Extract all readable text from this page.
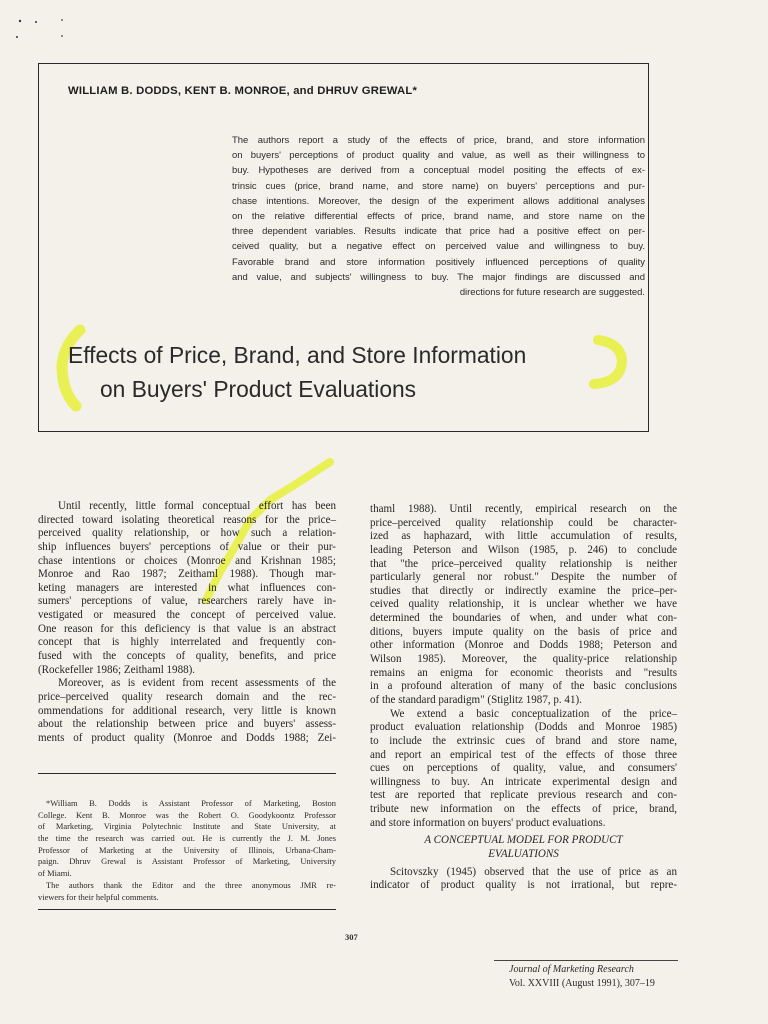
WILLIAM B. DODDS, KENT B. MONROE, and DHRUV GREWAL*
The authors report a study of the effects of price, brand, and store information
on buyers' perceptions of product quality and value, as well as their willingness to
buy. Hypotheses are derived from a conceptual model positing the effects of ex-
trinsic cues (price, brand name, and store name) on buyers' perceptions and pur-
chase intentions. Moreover, the design of the experiment allows additional analyses
on the relative differential effects of price, brand name, and store name on the
three dependent variables. Results indicate that price had a positive effect on per-
ceived quality, but a negative effect on perceived value and willingness to buy.
Favorable brand and store information positively influenced perceptions of quality
and value, and subjects' willingness to buy. The major findings are discussed and
directions for future research are suggested.
Effects of Price, Brand, and Store Information
on Buyers' Product Evaluations
Until recently, little formal conceptual effort has been
directed toward isolating theoretical reasons for the price–
perceived quality relationship, or how such a relation-
ship influences buyers' perceptions of value or their pur-
chase intentions or choices (Monroe and Krishnan 1985;
Monroe and Rao 1987; Zeithaml 1988). Though mar-
keting managers are interested in what influences con-
sumers' perceptions of value, researchers rarely have in-
vestigated or measured the concept of perceived value.
One reason for this deficiency is that value is an abstract
concept that is highly interrelated and frequently con-
fused with the concepts of quality, benefits, and price
(Rockefeller 1986; Zeithaml 1988).
Moreover, as is evident from recent assessments of the
price–perceived quality research domain and the rec-
ommendations for additional research, very little is known
about the relationship between price and buyers' assess-
ments of product quality (Monroe and Dodds 1988; Zei-
thaml 1988). Until recently, empirical research on the
price–perceived quality relationship could be character-
ized as haphazard, with little accumulation of results,
leading Peterson and Wilson (1985, p. 246) to conclude
that "the price–perceived quality relationship is neither
particularly general nor robust." Despite the number of
studies that directly or indirectly examine the price–per-
ceived quality relationship, it is unclear whether we have
determined the boundaries of when, and under what con-
ditions, buyers impute quality on the basis of price and
other information (Monroe and Dodds 1988; Peterson and
Wilson 1985). Moreover, the quality-price relationship
remains an enigma for economic theorists and "results
in a profound alteration of many of the basic conclusions
of the standard paradigm" (Stiglitz 1987, p. 41).
We extend a basic conceptualization of the price–
product evaluation relationship (Dodds and Monroe 1985)
to include the extrinsic cues of brand and store name,
and report an empirical test of the effects of those three
cues on perceptions of quality, value, and consumers'
willingness to buy. An intricate experimental design and
test are reported that replicate previous research and con-
tribute new information on the effects of price, brand,
and store information on buyers' product evaluations.
A CONCEPTUAL MODEL FOR PRODUCT
EVALUATIONS
Scitovszky (1945) observed that the use of price as an
indicator of product quality is not irrational, but repre-
*William B. Dodds is Assistant Professor of Marketing, Boston
College. Kent B. Monroe was the Robert O. Goodykoontz Professor
of Marketing, Virginia Polytechnic Institute and State University, at
the time the research was carried out. He is currently the J. M. Jones
Professor of Marketing at the University of Illinois, Urbana-Cham-
paign. Dhruv Grewal is Assistant Professor of Marketing, University
of Miami.
The authors thank the Editor and the three anonymous JMR re-
viewers for their helpful comments.
307
Journal of Marketing Research
Vol. XXVIII (August 1991), 307–19
